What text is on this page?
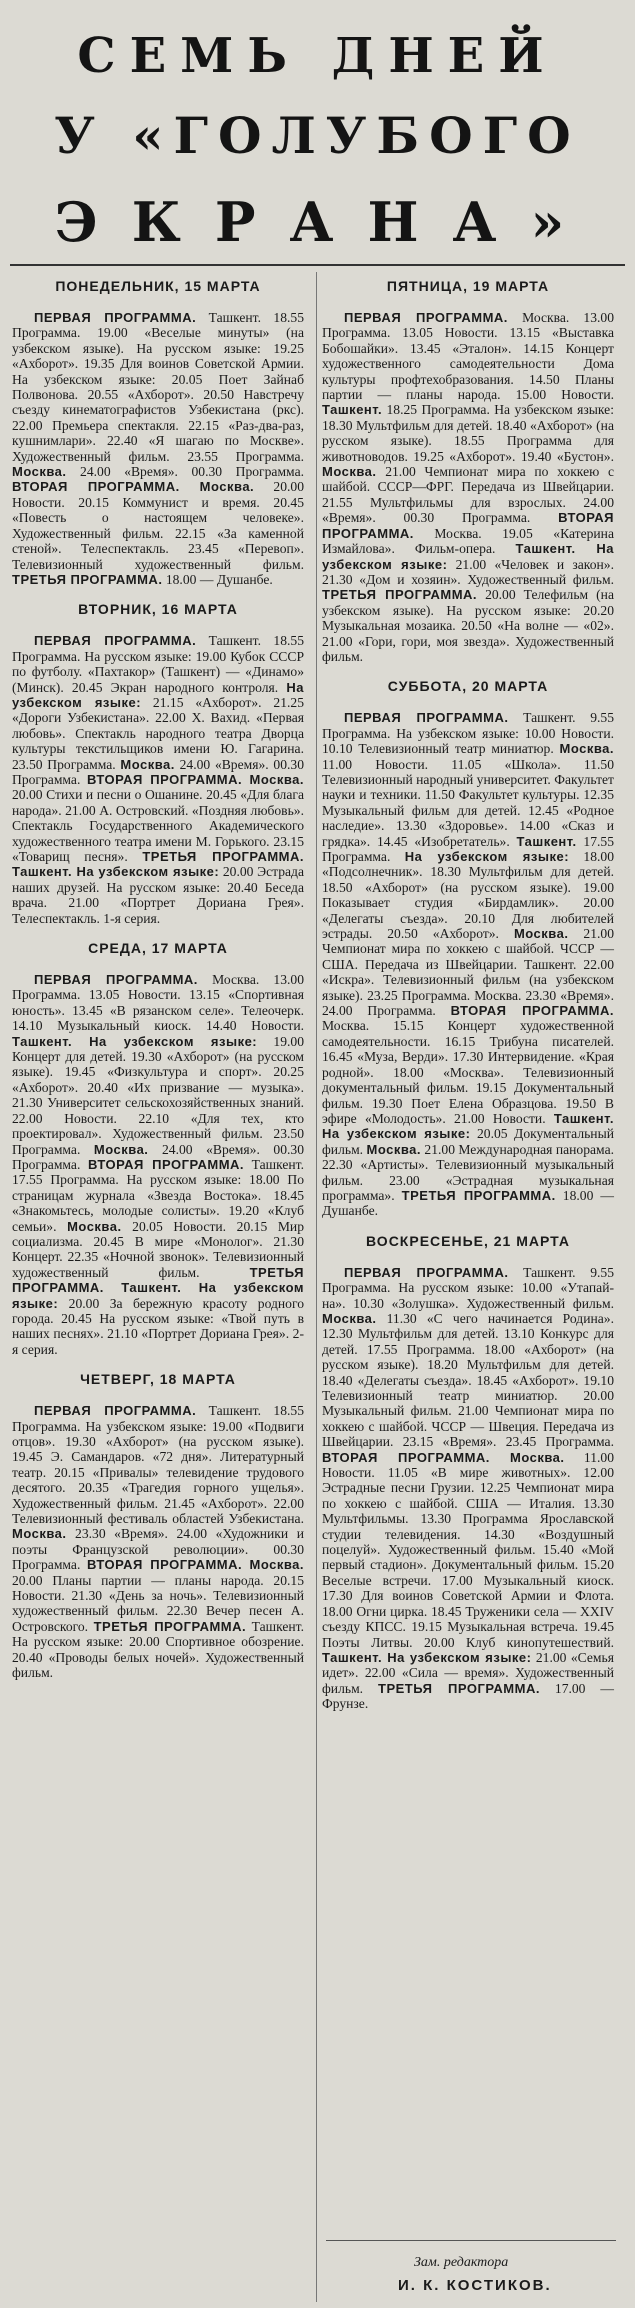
СЕМЬ ДНЕЙ
У «ГОЛУБОГО
ЭКРАНА»
ПОНЕДЕЛЬНИК, 15 МАРТА

ПЕРВАЯ ПРОГРАММА. Ташкент. 18.55 Программа. 19.00 «Веселые минуты» (на узбекском языке). На русском языке: 19.25 «Ахборот». 19.35 Для воинов Советской Армии. На узбекском языке: 20.05 Поет Зайнаб Полвонова. 20.55 «Ахборот». 20.50 Навстречу съезду кинематографистов Узбекистана (ркс). 22.00 Премьера спектакля. 22.15 «Раз-два-раз, кушнимлари». 22.40 «Я шагаю по Москве». Художественный фильм. 23.55 Программа. Москва. 24.00 «Время». 00.30 Программа. ВТОРАЯ ПРОГРАММА. Москва. 20.00 Новости. 20.15 Коммунист и время. 20.45 «Повесть о настоящем человеке». Художественный фильм. 22.15 «За каменной стеной». Телеспектакль. 23.45 «Перевоп». Телевизионный художественный фильм. ТРЕТЬЯ ПРОГРАММА. 18.00 — Душанбе.

ВТОРНИК, 16 МАРТА

ПЕРВАЯ ПРОГРАММА. Ташкент. 18.55 Программа. На русском языке: 19.00 Кубок СССР по футболу. «Пахтакор» (Ташкент) — «Динамо» (Минск). 20.45 Экран народного контроля. На узбекском языке: 21.15 «Ахборот». 21.25 «Дороги Узбекистана». 22.00 Х. Вахид. «Первая любовь». Спектакль народного театра Дворца культуры текстильщиков имени Ю. Гагарина. 23.50 Программа. Москва. 24.00 «Время». 00.30 Программа. ВТОРАЯ ПРОГРАММА. Москва. 20.00 Стихи и песни о Ошанине. 20.45 «Для блага народа». 21.00 А. Островский. «Поздняя любовь». Спектакль Государственного Академического художественного театра имени М. Горького. 23.15 «Товарищ песня». ТРЕТЬЯ ПРОГРАММА. Ташкент. На узбекском языке: 20.00 Эстрада наших друзей. На русском языке: 20.40 Беседа врача. 21.00 «Портрет Дориана Грея». Телеспектакль. 1-я серия.

СРЕДА, 17 МАРТА

ПЕРВАЯ ПРОГРАММА. Москва. 13.00 Программа. 13.05 Новости. 13.15 «Спортивная юность». 13.45 «В рязанском селе». Телеочерк. 14.10 Музыкальный киоск. 14.40 Новости. Ташкент. На узбекском языке: 19.00 Концерт для детей. 19.30 «Ахборот» (на русском языке). 19.45 «Физкультура и спорт». 20.25 «Ахборот». 20.40 «Их призвание — музыка». 21.30 Университет сельскохозяйственных знаний. 22.00 Новости. 22.10 «Для тех, кто проектировал». Художественный фильм. 23.50 Программа. Москва. 24.00 «Время». 00.30 Программа. ВТОРАЯ ПРОГРАММА. Ташкент. 17.55 Программа. На русском языке: 18.00 По страницам журнала «Звезда Востока». 18.45 «Знакомьтесь, молодые солисты». 19.20 «Клуб семьи». Москва. 20.05 Новости. 20.15 Мир социализма. 20.45 В мире «Монолог». 21.30 Концерт. 22.35 «Ночной звонок». Телевизионный художественный фильм. ТРЕТЬЯ ПРОГРАММА. Ташкент. На узбекском языке: 20.00 За бережную красоту родного города. 20.45 На русском языке: «Твой путь в наших песнях». 21.10 «Портрет Дориана Грея». 2-я серия.

ЧЕТВЕРГ, 18 МАРТА

ПЕРВАЯ ПРОГРАММА. Ташкент. 18.55 Программа. На узбекском языке: 19.00 «Подвиги отцов». 19.30 «Ахборот» (на русском языке). 19.45 Э. Самандаров. «72 дня». Литературный театр. 20.15 «Привалы» телевидение трудового десятого. 20.35 «Трагедия горного ущелья». Художественный фильм. 21.45 «Ахборот». 22.00 Телевизионный фестиваль областей Узбекистана. Москва. 23.30 «Время». 24.00 «Художники и поэты Французской революции». 00.30 Программа. ВТОРАЯ ПРОГРАММА. Москва. 20.00 Планы партии — планы народа. 20.15 Новости. 21.30 «День за ночь». Телевизионный художественный фильм. 22.30 Вечер песен А. Островского. ТРЕТЬЯ ПРОГРАММА. Ташкент. На русском языке: 20.00 Спортивное обозрение. 20.40 «Проводы белых ночей». Художественный фильм.

ПЯТНИЦА, 19 МАРТА

ПЕРВАЯ ПРОГРАММА. Москва. 13.00 Программа. 13.05 Новости. 13.15 «Выставка Бобошайки». 13.45 «Эталон». 14.15 Концерт художественного самодеятельности Дома культуры профтехобразования. 14.50 Планы партии — планы народа. 15.00 Новости. Ташкент. 18.25 Программа. На узбекском языке: 18.30 Мультфильм для детей. 18.40 «Ахборот» (на русском языке). 18.55 Программа для животноводов. 19.25 «Ахборот». 19.40 «Бустон». Москва. 21.00 Чемпионат мира по хоккею с шайбой. СССР—ФРГ. Передача из Швейцарии. 21.55 Мультфильмы для взрослых. 24.00 «Время». 00.30 Программа. ВТОРАЯ ПРОГРАММА. Москва. 19.05 «Катерина Измайлова». Фильм-опера. Ташкент. На узбекском языке: 21.00 «Человек и закон». 21.30 «Дом и хозяин». Художественный фильм. ТРЕТЬЯ ПРОГРАММА. 20.00 Телефильм (на узбекском языке). На русском языке: 20.20 Музыкальная мозаика. 20.50 «На волне — «02». 21.00 «Гори, гори, моя звезда». Художественный фильм.

СУББОТА, 20 МАРТА

ПЕРВАЯ ПРОГРАММА. Ташкент. 9.55 Программа. На узбекском языке: 10.00 Новости. 10.10 Телевизионный театр миниатюр. Москва. 11.00 Новости. 11.05 «Школа». 11.50 Телевизионный народный университет. Факультет науки и техники. 11.50 Факультет культуры. 12.35 Музыкальный фильм для детей. 12.45 «Родное наследие». 13.30 «Здоровье». 14.00 «Сказ и грядка». 14.45 «Изобретатель». Ташкент. 17.55 Программа. На узбекском языке: 18.00 «Подсолнечник». 18.30 Мультфильм для детей. 18.50 «Ахборот» (на русском языке). 19.00 Показывает студия «Бирдамлик». 20.00 «Делегаты съезда». 20.10 Для любителей эстрады. 20.50 «Ахборот». Москва. 21.00 Чемпионат мира по хоккею с шайбой. ЧССР — США. Передача из Швейцарии. Ташкент. 22.00 «Искра». Телевизионный фильм (на узбекском языке). 23.25 Программа. Москва. 23.30 «Время». 24.00 Программа. ВТОРАЯ ПРОГРАММА. Москва. 15.15 Концерт художественной самодеятельности. 16.15 Трибуна писателей. 16.45 «Муза, Верди». 17.30 Интервидение. «Края родной». 18.00 «Москва». Телевизионный документальный фильм. 19.15 Документальный фильм. 19.30 Поет Елена Образцова. 19.50 В эфире «Молодость». 21.00 Новости. Ташкент. На узбекском языке: 20.05 Документальный фильм. Москва. 21.00 Международная панорама. 22.30 «Артисты». Телевизионный музыкальный фильм. 23.00 «Эстрадная музыкальная программа». ТРЕТЬЯ ПРОГРАММА. 18.00 — Душанбе.

ВОСКРЕСЕНЬЕ, 21 МАРТА

ПЕРВАЯ ПРОГРАММА. Ташкент. 9.55 Программа. На русском языке: 10.00 «Утапай-на». 10.30 «Золушка». Художественный фильм. Москва. 11.30 «С чего начинается Родина». 12.30 Мультфильм для детей. 13.10 Конкурс для детей. 17.55 Программа. 18.00 «Ахборот» (на русском языке). 18.20 Мультфильм для детей. 18.40 «Делегаты съезда». 18.45 «Ахборот». 19.10 Телевизионный театр миниатюр. 20.00 Музыкальный фильм. 21.00 Чемпионат мира по хоккею с шайбой. ЧССР — Швеция. Передача из Швейцарии. 23.15 «Время». 23.45 Программа. ВТОРАЯ ПРОГРАММА. Москва. 11.00 Новости. 11.05 «В мире животных». 12.00 Эстрадные песни Грузии. 12.25 Чемпионат мира по хоккею с шайбой. США — Италия. 13.30 Мультфильмы. 13.30 Программа Ярославской студии телевидения. 14.30 «Воздушный поцелуй». Художественный фильм. 15.40 «Мой первый стадион». Документальный фильм. 15.20 Веселые встречи. 17.00 Музыкальный киоск. 17.30 Для воинов Советской Армии и Флота. 18.00 Огни цирка. 18.45 Труженики села — XXIV съезду КПСС. 19.15 Музыкальная встреча. 19.45 Поэты Литвы. 20.00 Клуб кинопутешествий. Ташкент. На узбекском языке: 21.00 «Семья идет». 22.00 «Сила — время». Художественный фильм. ТРЕТЬЯ ПРОГРАММА. 17.00 — Фрунзе.

Зам. редактора
И. К. КОСТИКОВ.
